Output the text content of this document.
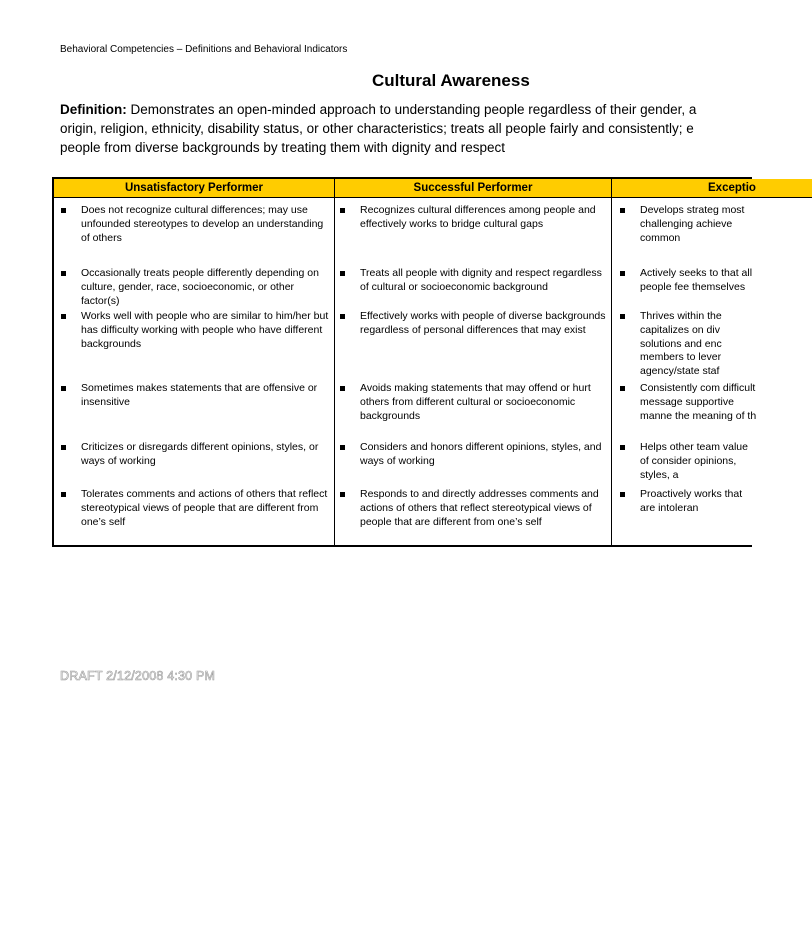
Behavioral Competencies – Definitions and Behavioral Indicators
Cultural Awareness
Definition: Demonstrates an open-minded approach to understanding people regardless of their gender, a
origin, religion, ethnicity, disability status, or other characteristics; treats all people fairly and consistently; e
people from diverse backgrounds by treating them with dignity and respect
Unsatisfactory Performer	Successful Performer	Exceptio
Does not recognize cultural differences; may use unfounded stereotypes to develop an understanding of others
Recognizes cultural differences among people and effectively works to bridge cultural gaps
Develops strateg most challenging achieve common
Occasionally treats people differently depending on culture, gender, race, socioeconomic, or other factor(s)
Treats all people with dignity and respect regardless of cultural or socioeconomic background
Actively seeks to that all people fee themselves
Works well with people who are similar to him/her but has difficulty working with people who have different backgrounds
Effectively works with people of diverse backgrounds regardless of personal differences that may exist
Thrives within the capitalizes on div solutions and enc members to lever agency/state staf
Sometimes makes statements that are offensive or insensitive
Avoids making statements that may offend or hurt others from different cultural or socioeconomic backgrounds
Consistently com difficult message supportive manne the meaning of th
Criticizes or disregards different opinions, styles, or ways of working
Considers and honors different opinions, styles, and ways of working
Helps other team value of consider opinions, styles, a
Tolerates comments and actions of others that reflect stereotypical views of people that are different from one’s self
Responds to and directly addresses comments and actions of others that reflect stereotypical views of people that are different from one’s self
Proactively works that are intoleran
DRAFT 2/12/2008 4:30 PM
